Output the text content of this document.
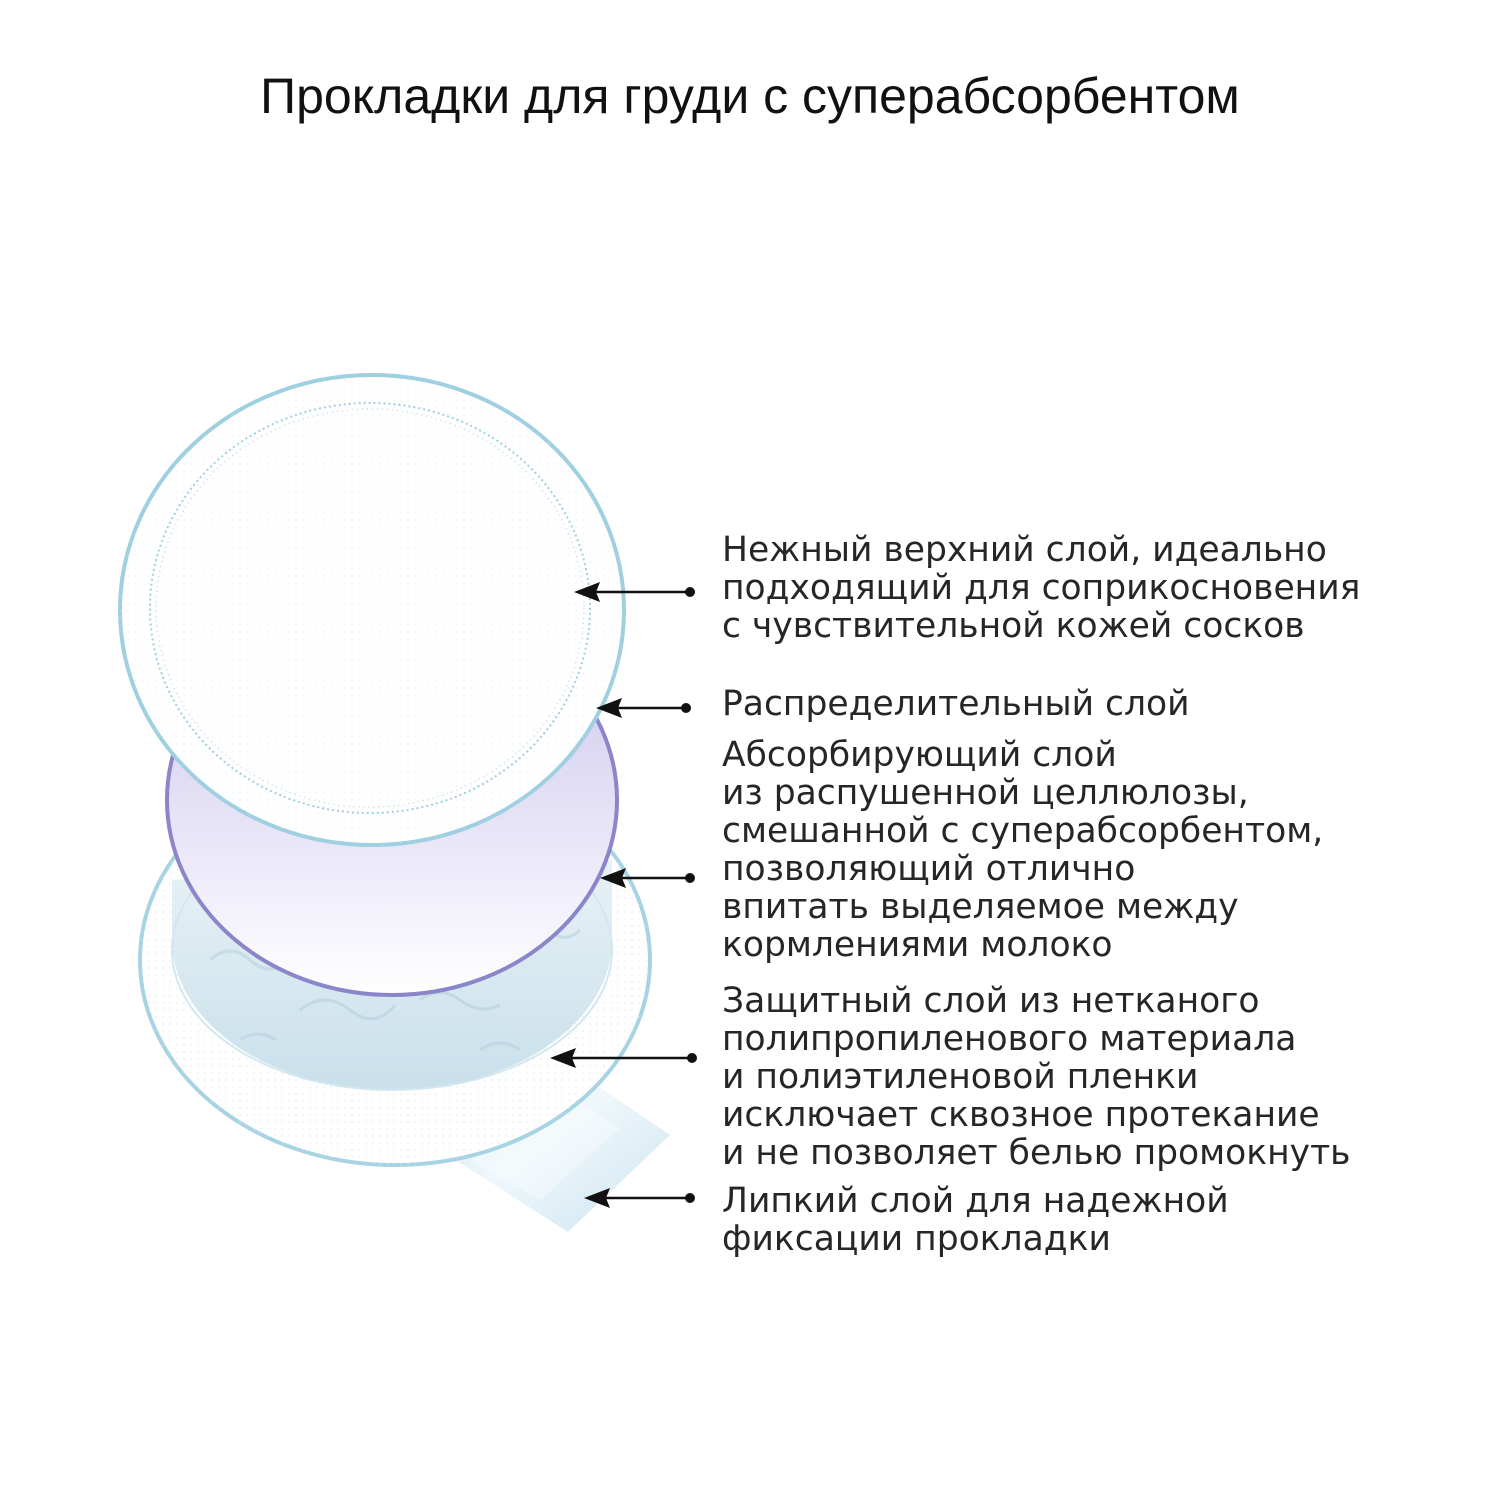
Прокладки для груди с суперабсорбентом
Нежный верхний слой, идеально
подходящий для соприкосновения
с чувствительной кожей сосков
Распределительный слой
Абсорбирующий слой
из распушенной целлюлозы,
смешанной с суперабсорбентом,
позволяющий отлично
впитать выделяемое между
кормлениями молоко
Защитный слой из нетканого
полипропиленового материала
и полиэтиленовой пленки
исключает сквозное протекание
и не позволяет белью промокнуть
Липкий слой для надежной
фиксации прокладки
